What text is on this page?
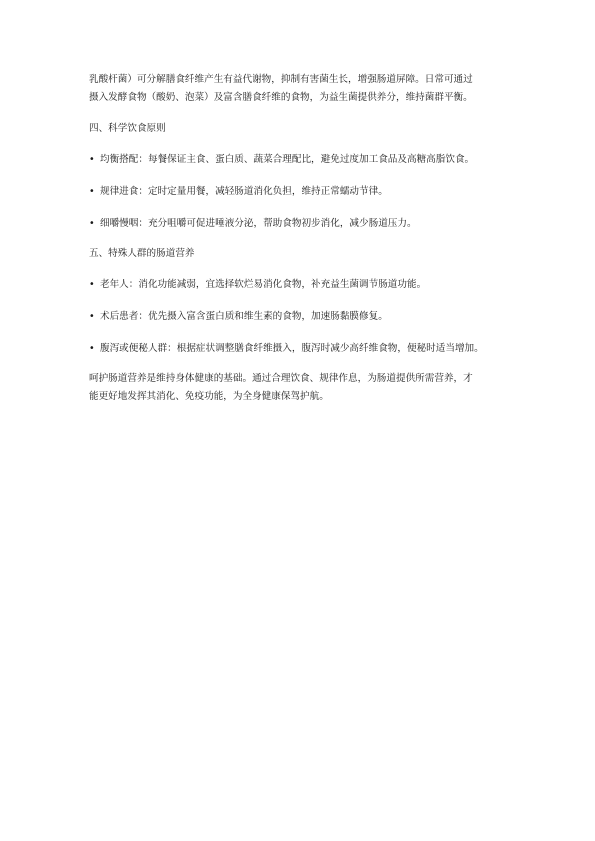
乳酸杆菌）可分解膳食纤维产生有益代谢物，抑制有害菌生长，增强肠道屏障。日常可通过

摄入发酵食物（酸奶、泡菜）及富含膳食纤维的食物，为益生菌提供养分，维持菌群平衡。

四、科学饮食原则

• 均衡搭配：每餐保证主食、蛋白质、蔬菜合理配比，避免过度加工食品及高糖高脂饮食。
• 规律进食：定时定量用餐，减轻肠道消化负担，维持正常蠕动节律。
• 细嚼慢咽：充分咀嚼可促进唾液分泌，帮助食物初步消化，减少肠道压力。

五、特殊人群的肠道营养

• 老年人：消化功能减弱，宜选择软烂易消化食物，补充益生菌调节肠道功能。
• 术后患者：优先摄入富含蛋白质和维生素的食物，加速肠黏膜修复。
• 腹泻或便秘人群：根据症状调整膳食纤维摄入，腹泻时减少高纤维食物，便秘时适当增加。

呵护肠道营养是维持身体健康的基础。通过合理饮食、规律作息，为肠道提供所需营养，才

能更好地发挥其消化、免疫功能，为全身健康保驾护航。
